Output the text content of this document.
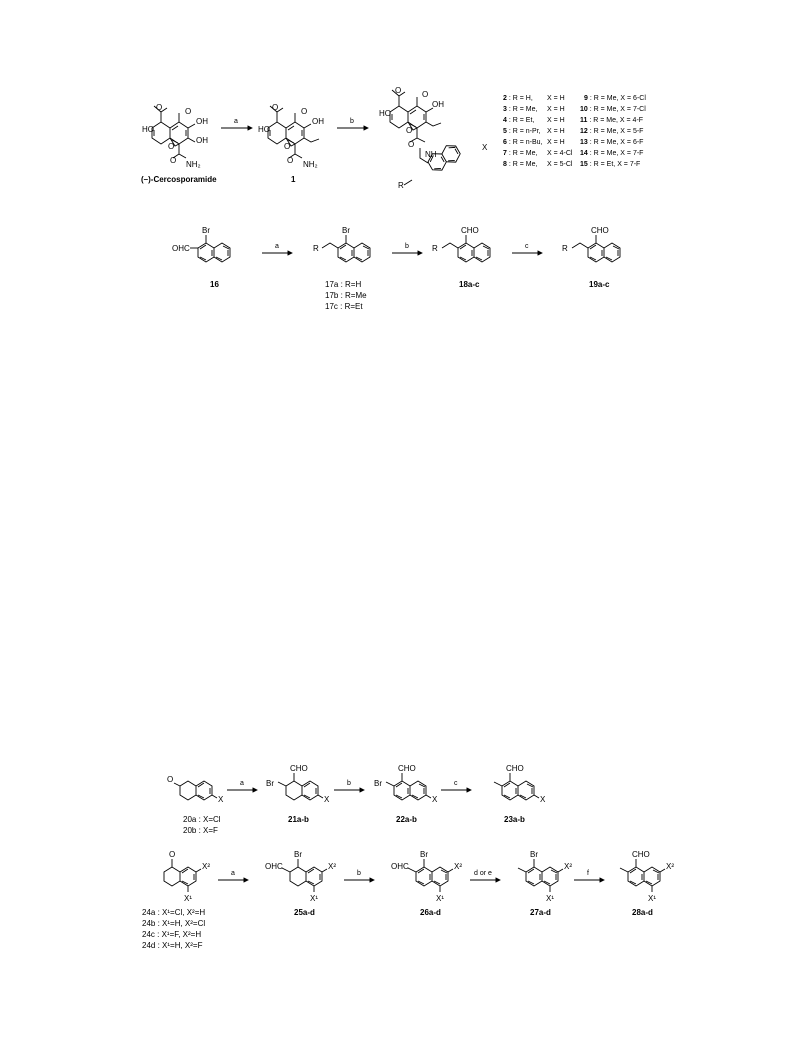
O	O
OH
HO
O
OH
O NH₂
(–)-Cercosporamide
a
O	O
OH
HO
O
O NH₂
1
b
O	O
OH
HO
O
O
NH
X
R
2 : R = H, X = H
3 : R = Me, X = H
4 : R = Et, X = H
5 : R = n-Pr, X = H
6 : R = n-Bu, X = H
7 : R = Me, X = 4-Cl
8 : R = Me, X = 5-Cl
9 : R = Me, X = 6-Cl
10 : R = Me, X = 7-Cl
11 : R = Me, X = 4-F
12 : R = Me, X = 5-F
13 : R = Me, X = 6-F
14 : R = Me, X = 7-F
15 : R = Et, X = 7-F
Br
OHC
16
a
Br
R
17a : R=H
17b : R=Me
17c : R=Et
b
CHO
R
18a-c
c
CHO
R
19a-c
O
X
20a : X=Cl
20b : X=F
a
CHO
Br
X
21a-b
b
CHO
Br
X
22a-b
c
CHO
X
23a-b
O
X²
X¹
24a : X¹=Cl, X²=H
24b : X¹=H, X²=Cl
24c : X¹=F, X²=H
24d : X¹=H, X²=F
a
Br
OHC	X²
X¹
25a-d
b
Br
OHC	X²
X¹
26a-d
d or e
Br
X²
X¹
27a-d
f
CHO
X²
X¹
28a-d
